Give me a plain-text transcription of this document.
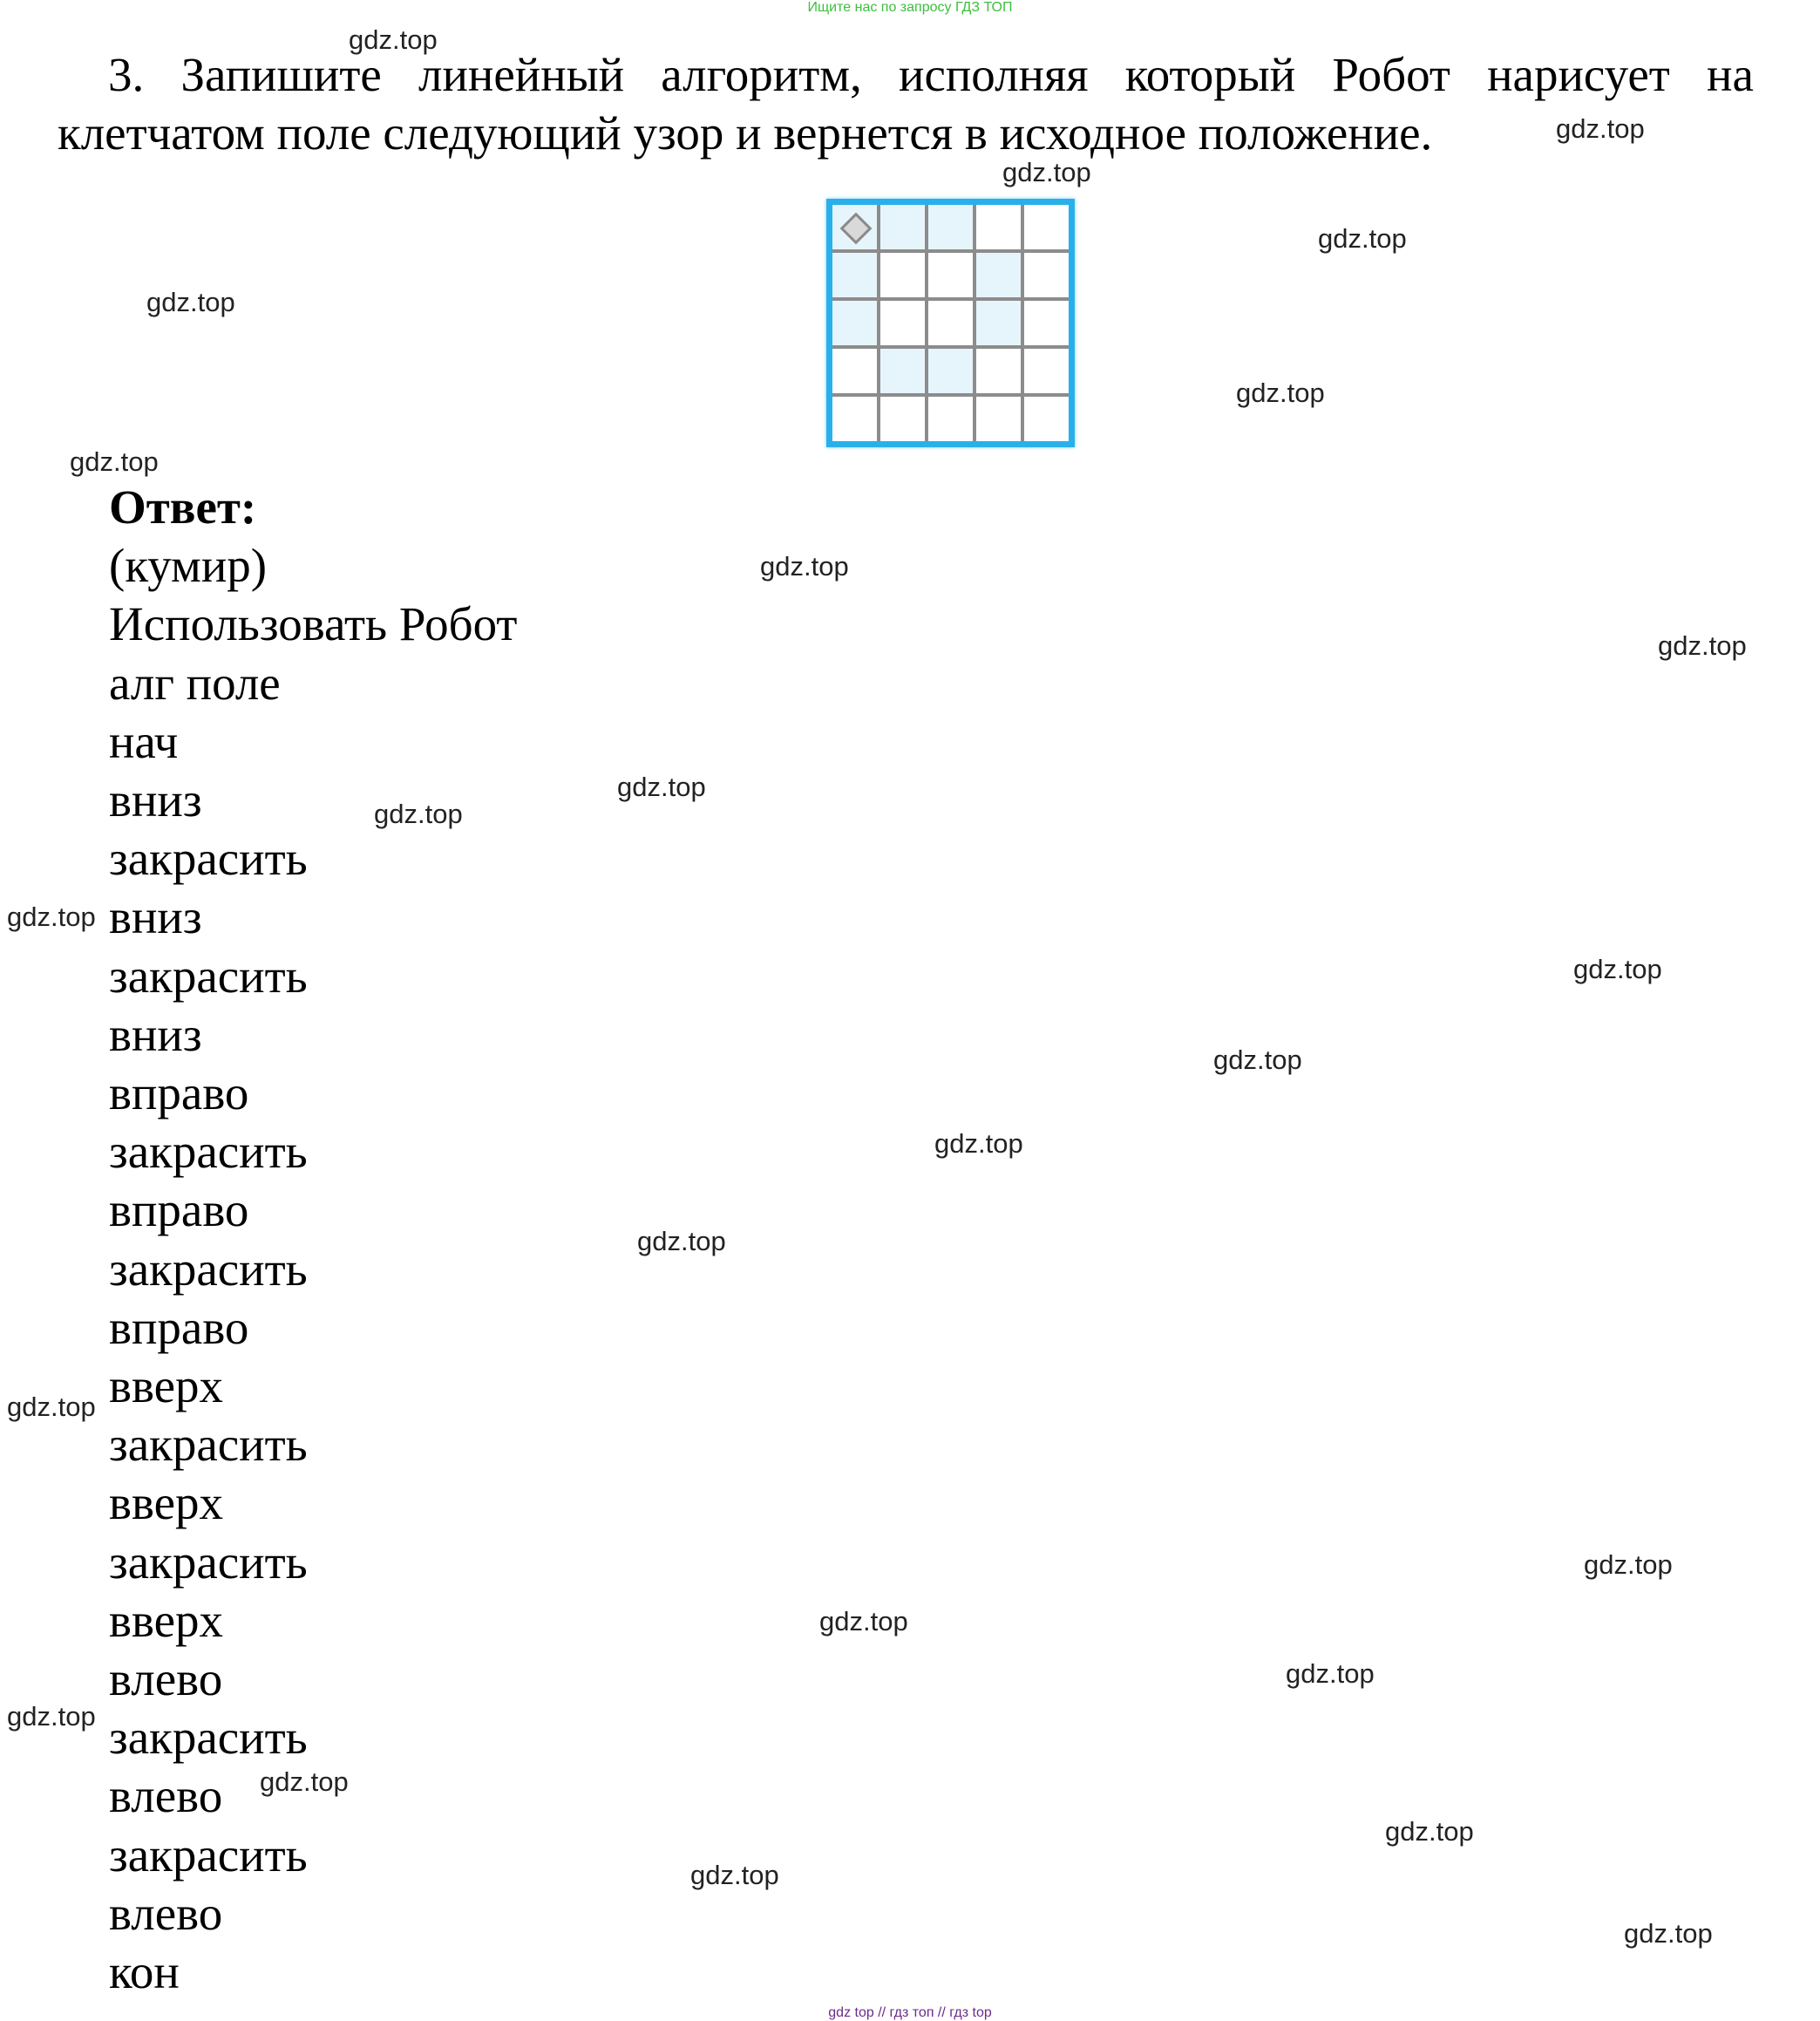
Ищите нас по запросу ГДЗ ТОП
3. Запишите линейный алгоритм, исполняя который Робот нарисует на
клетчатом поле следующий узор и вернется в исходное положение.
Ответ:
(кумир)
Использовать Робот
алг поле
нач
вниз
закрасить
вниз
закрасить
вниз
вправо
закрасить
вправо
закрасить
вправо
вверх
закрасить
вверх
закрасить
вверх
влево
закрасить
влево
закрасить
влево
кон
gdz.top
gdz.top
gdz.top
gdz.top
gdz.top
gdz.top
gdz.top
gdz.top
gdz.top
gdz.top
gdz.top
gdz.top
gdz.top
gdz.top
gdz.top
gdz.top
gdz.top
gdz.top
gdz.top
gdz.top
gdz.top
gdz.top
gdz.top
gdz.top
gdz.top
gdz top // гдз топ // гдз top
